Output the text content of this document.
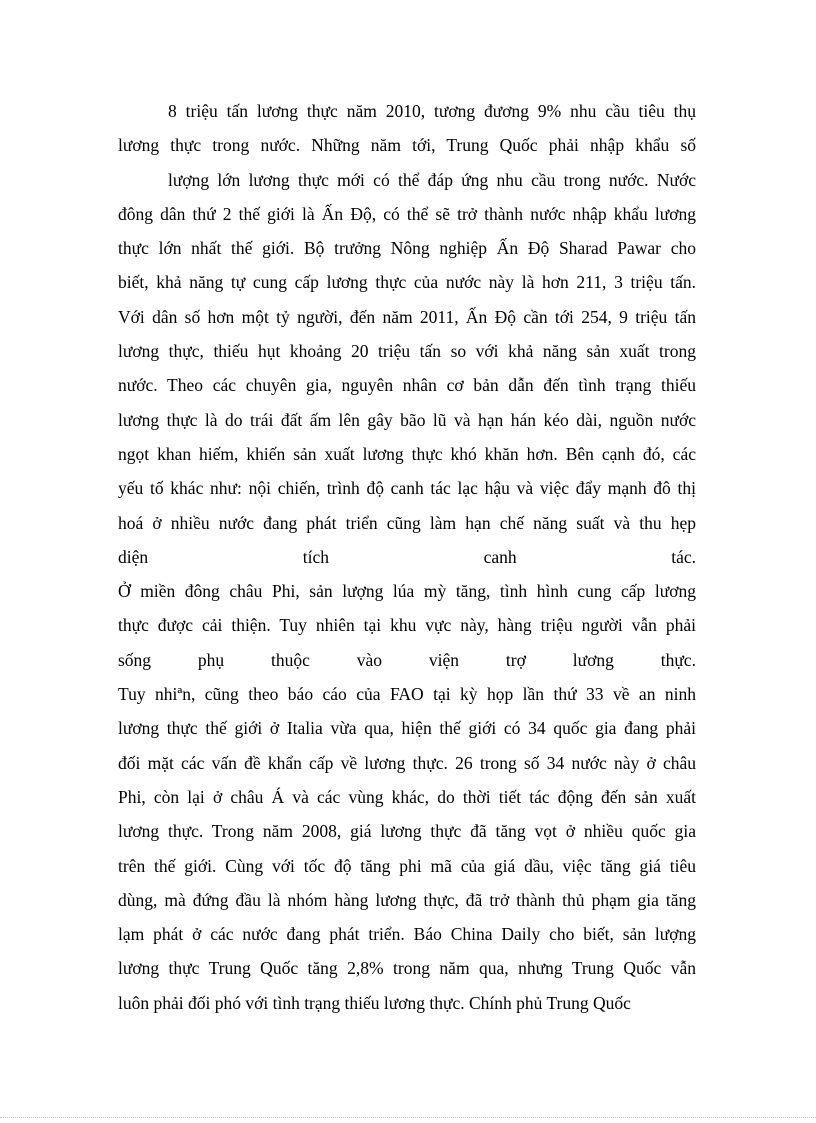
8 triệu tấn lương thực năm 2010, tương đương 9% nhu cầu tiêu thụ
lương thực trong nước. Những năm tới, Trung Quốc phải nhập khẩu số
lượng lớn lương thực mới có thể đáp ứng nhu cầu trong nước. Nước
đông dân thứ 2 thế giới là Ấn Độ, có thể sẽ trở thành nước nhập khẩu lương
thực lớn nhất thế giới. Bộ trưởng Nông nghiệp Ấn Độ Sharad Pawar cho
biết, khả năng tự cung cấp lương thực của nước này là hơn 211, 3 triệu tấn.
Với dân số hơn một tỷ người, đến năm 2011, Ấn Độ cần tới 254, 9 triệu tấn
lương thực, thiếu hụt khoảng 20 triệu tấn so với khả năng sản xuất trong
nước. Theo các chuyên gia, nguyên nhân cơ bản dẫn đến tình trạng thiếu
lương thực là do trái đất ấm lên gây bão lũ và hạn hán kéo dài, nguồn nước
ngọt khan hiếm, khiến sản xuất lương thực khó khăn hơn. Bên cạnh đó, các
yếu tố khác như: nội chiến, trình độ canh tác lạc hậu và việc đẩy mạnh đô thị
hoá ở nhiều nước đang phát triển cũng làm hạn chế năng suất và thu hẹp
diện	tích	canh	tác.
Ở miền đông châu Phi, sản lượng lúa mỳ tăng, tình hình cung cấp lương
thực được cải thiện. Tuy nhiên tại khu vực này, hàng triệu người vẫn phải
sống	phụ	thuộc	vào	viện	trợ	lương	thực.
Tuy nhiªn, cũng theo báo cáo của FAO tại kỳ họp lần thứ 33 về an ninh
lương thực thế giới ở Italia vừa qua, hiện thế giới có 34 quốc gia đang phải
đối mặt các vấn đề khẩn cấp về lương thực. 26 trong số 34 nước này ở châu
Phi, còn lại ở châu Á và các vùng khác, do thời tiết tác động đến sản xuất
lương thực. Trong năm 2008, giá lương thực đã tăng vọt ở nhiều quốc gia
trên thế giới. Cùng với tốc độ tăng phi mã của giá dầu, việc tăng giá tiêu
dùng, mà đứng đầu là nhóm hàng lương thực, đã trở thành thủ phạm gia tăng
lạm phát ở các nước đang phát triển. Báo China Daily cho biết, sản lượng
lương thực Trung Quốc tăng 2,8% trong năm qua, nhưng Trung Quốc vẫn
luôn phải đối phó với tình trạng thiếu lương thực. Chính phủ Trung Quốc
